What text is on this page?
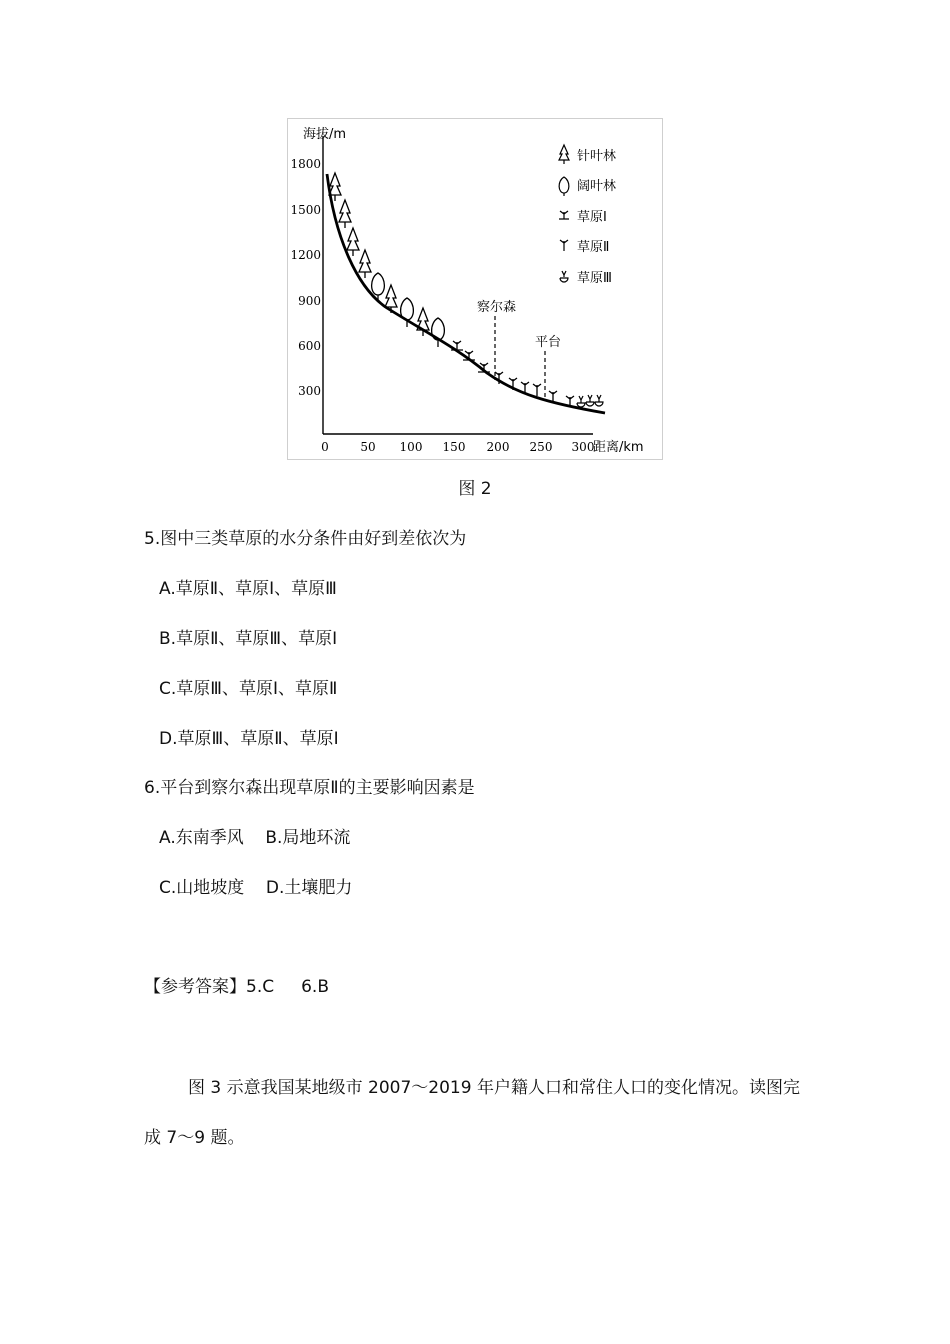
海拔/m
距离/km
1800
1500
1200
900
600
300
0	50 100 150 200 250 300
察尔森
平台
针叶林
阔叶林
草原Ⅰ
草原Ⅱ
草原Ⅲ
图 2
5.图中三类草原的水分条件由好到差依次为
A.草原Ⅱ、草原Ⅰ、草原Ⅲ
B.草原Ⅱ、草原Ⅲ、草原Ⅰ
C.草原Ⅲ、草原Ⅰ、草原Ⅱ
D.草原Ⅲ、草原Ⅱ、草原Ⅰ
6.平台到察尔森出现草原Ⅱ的主要影响因素是
A.东南季风    B.局地环流
C.山地坡度    D.土壤肥力
【参考答案】5.C     6.B
图 3 示意我国某地级市 2007～2019 年户籍人口和常住人口的变化情况。读图完
成 7～9 题。
